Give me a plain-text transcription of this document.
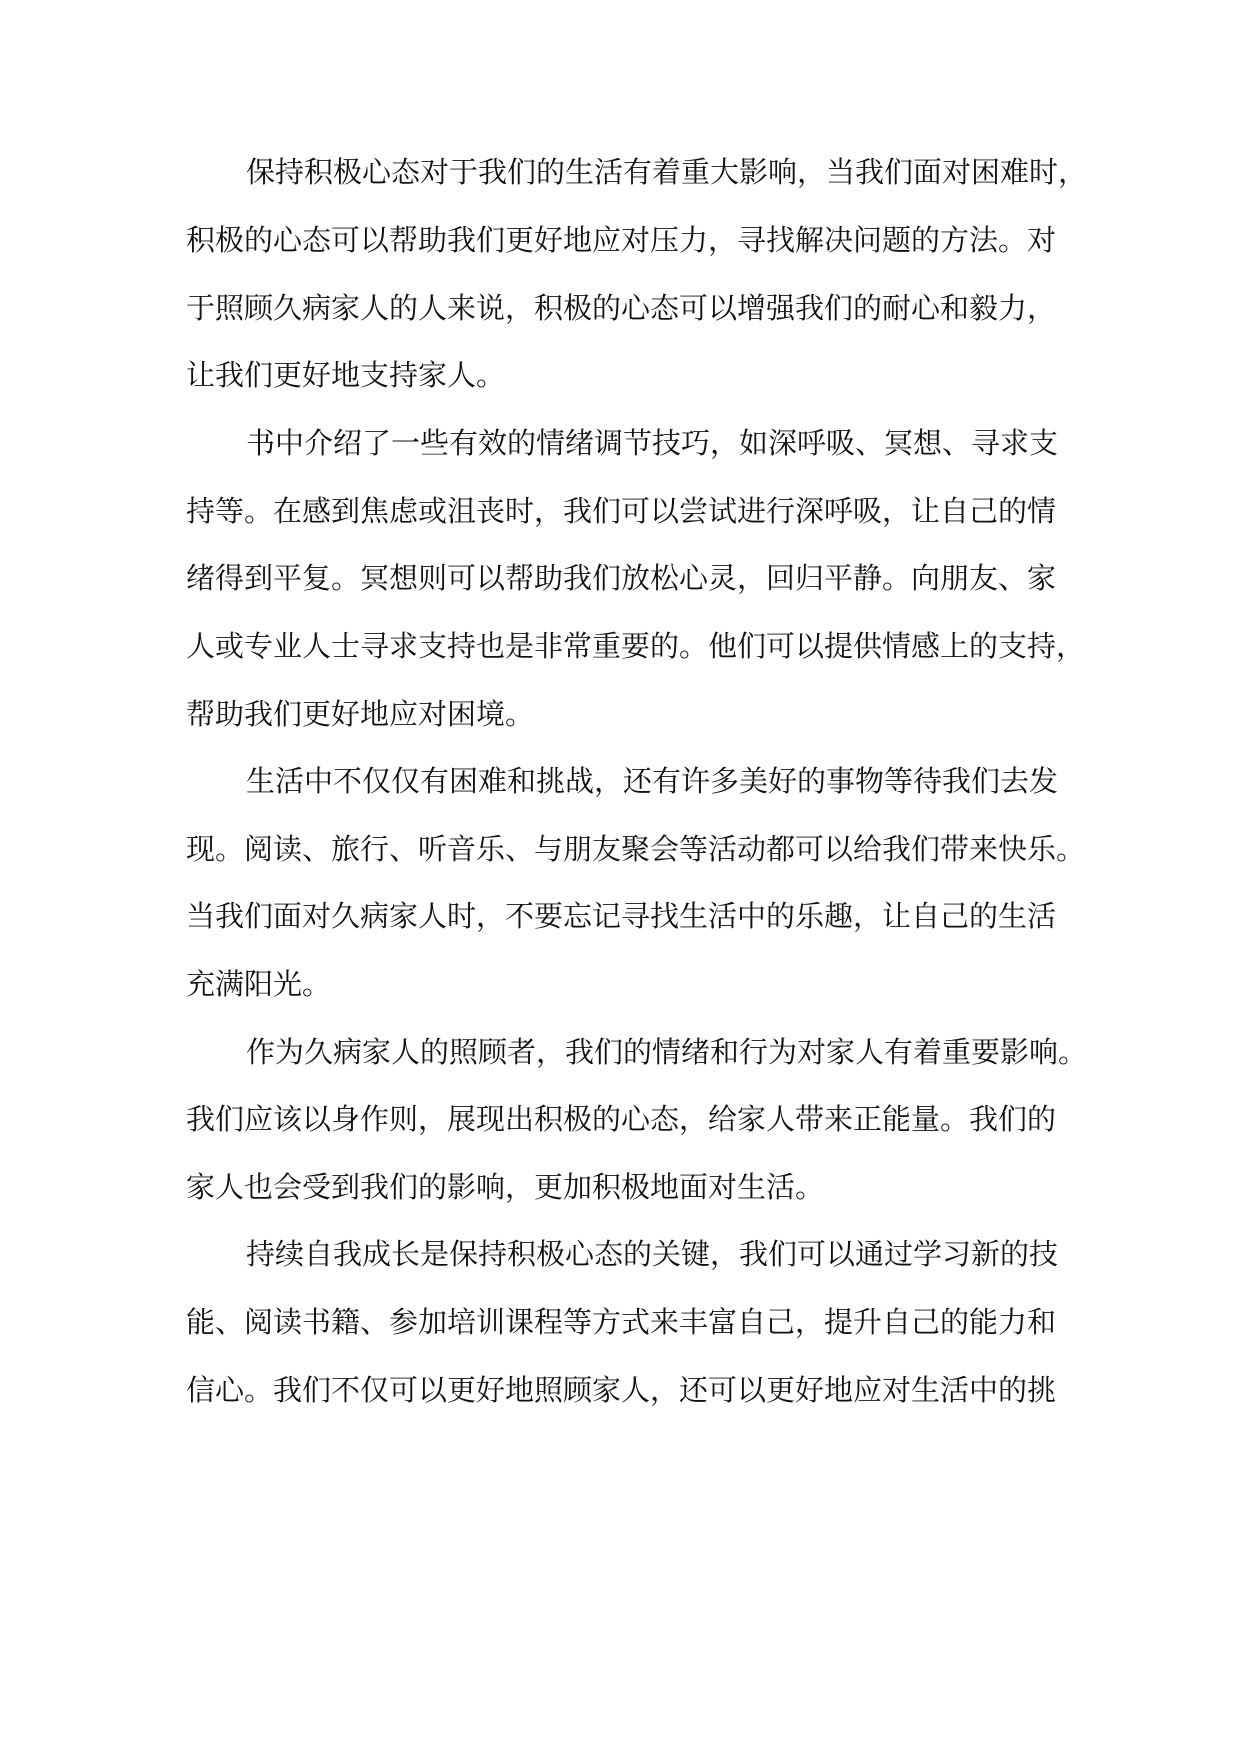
保持积极心态对于我们的生活有着重大影响，当我们面对困难时，
积极的心态可以帮助我们更好地应对压力，寻找解决问题的方法。对
于照顾久病家人的人来说，积极的心态可以增强我们的耐心和毅力，
让我们更好地支持家人。
书中介绍了一些有效的情绪调节技巧，如深呼吸、冥想、寻求支
持等。在感到焦虑或沮丧时，我们可以尝试进行深呼吸，让自己的情
绪得到平复。冥想则可以帮助我们放松心灵，回归平静。向朋友、家
人或专业人士寻求支持也是非常重要的。他们可以提供情感上的支持，
帮助我们更好地应对困境。
生活中不仅仅有困难和挑战，还有许多美好的事物等待我们去发
现。阅读、旅行、听音乐、与朋友聚会等活动都可以给我们带来快乐。
当我们面对久病家人时，不要忘记寻找生活中的乐趣，让自己的生活
充满阳光。
作为久病家人的照顾者，我们的情绪和行为对家人有着重要影响。
我们应该以身作则，展现出积极的心态，给家人带来正能量。我们的
家人也会受到我们的影响，更加积极地面对生活。
持续自我成长是保持积极心态的关键，我们可以通过学习新的技
能、阅读书籍、参加培训课程等方式来丰富自己，提升自己的能力和
信心。我们不仅可以更好地照顾家人，还可以更好地应对生活中的挑
